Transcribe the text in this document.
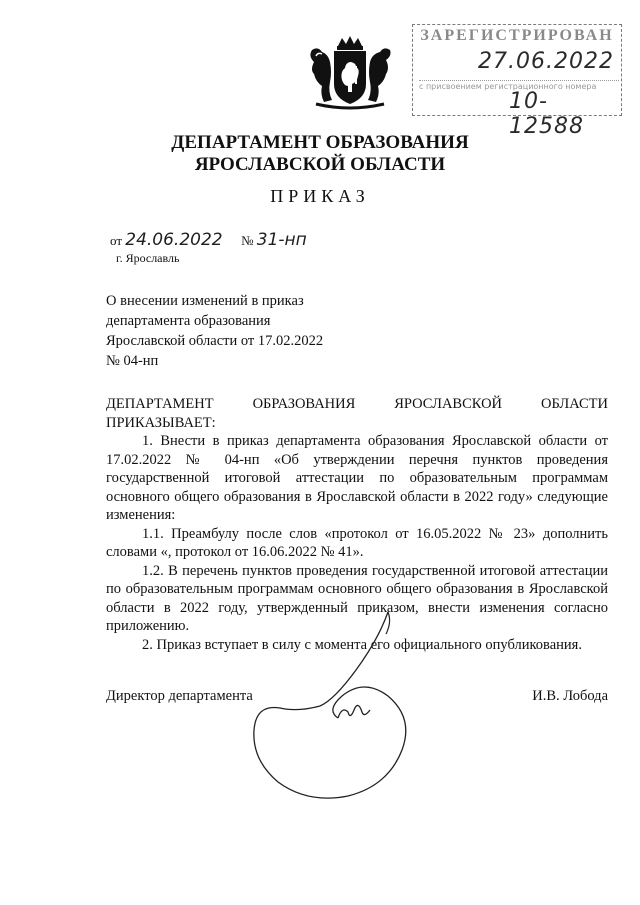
ЗАРЕГИСТРИРОВАН
27.06.2022
с присвоением регистрационного номера
10-12588
ДЕПАРТАМЕНТ ОБРАЗОВАНИЯ
ЯРОСЛАВСКОЙ ОБЛАСТИ
ПРИКАЗ
от 24.06.2022 № 31-нп
г. Ярославль
О внесении изменений в приказ
департамента образования
Ярославской области от 17.02.2022
№ 04-нп

ДЕПАРТАМЕНТ ОБРАЗОВАНИЯ ЯРОСЛАВСКОЙ ОБЛАСТИ

ПРИКАЗЫВАЕТ:

1. Внести в приказ департамента образования Ярославской области от 17.02.2022 № 04-нп «Об утверждении перечня пунктов проведения государственной итоговой аттестации по образовательным программам основного общего образования в Ярославской области в 2022 году» следующие изменения:

1.1. Преамбулу после слов «протокол от 16.05.2022 № 23» дополнить словами «, протокол от 16.06.2022 № 41».

1.2. В перечень пунктов проведения государственной итоговой аттестации по образовательным программам основного общего образования в Ярославской области в 2022 году, утвержденный приказом, внести изменения согласно приложению.

2. Приказ вступает в силу с момента его официального опубликования.

Директор департамента	И.В. Лобода
